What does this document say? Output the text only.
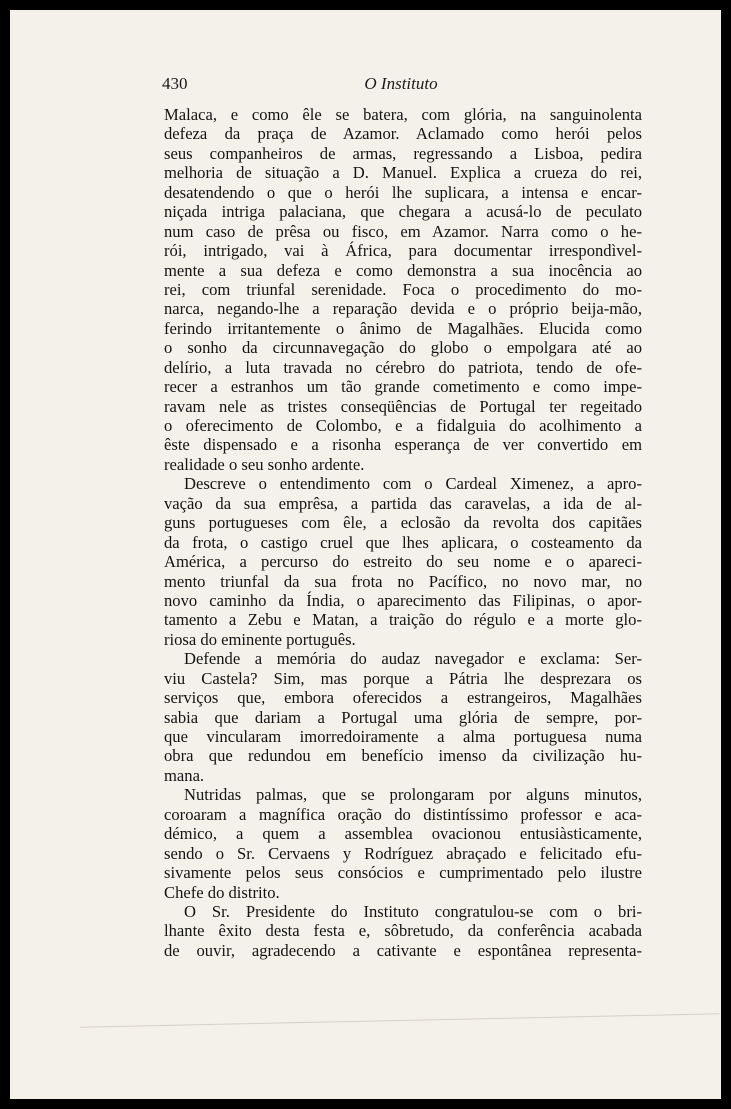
430	O Instituto
Malaca, e como êle se batera, com glória, na sanguinolenta
defeza da praça de Azamor. Aclamado como herói pelos
seus companheiros de armas, regressando a Lisboa, pedira
melhoria de situação a D. Manuel. Explica a crueza do rei,
desatendendo o que o herói lhe suplicara, a intensa e encar-
niçada intriga palaciana, que chegara a acusá-lo de peculato
num caso de prêsa ou fisco, em Azamor. Narra como o he-
rói, intrigado, vai à África, para documentar irrespondìvel-
mente a sua defeza e como demonstra a sua inocência ao
rei, com triunfal serenidade. Foca o procedimento do mo-
narca, negando-lhe a reparação devida e o próprio beija-mão,
ferindo irritantemente o ânimo de Magalhães. Elucida como
o sonho da circunnavegação do globo o empolgara até ao
delírio, a luta travada no cérebro do patriota, tendo de ofe-
recer a estranhos um tão grande cometimento e como impe-
ravam nele as tristes conseqüências de Portugal ter regeitado
o oferecimento de Colombo, e a fidalguia do acolhimento a
êste dispensado e a risonha esperança de ver convertido em
realidade o seu sonho ardente.
Descreve o entendimento com o Cardeal Ximenez, a apro-
vação da sua emprêsa, a partida das caravelas, a ida de al-
guns portugueses com êle, a eclosão da revolta dos capitães
da frota, o castigo cruel que lhes aplicara, o costeamento da
América, a percurso do estreito do seu nome e o apareci-
mento triunfal da sua frota no Pacífico, no novo mar, no
novo caminho da Índia, o aparecimento das Filipinas, o apor-
tamento a Zebu e Matan, a traição do régulo e a morte glo-
riosa do eminente português.
Defende a memória do audaz navegador e exclama: Ser-
viu Castela? Sim, mas porque a Pátria lhe desprezara os
serviços que, embora oferecidos a estrangeiros, Magalhães
sabia que dariam a Portugal uma glória de sempre, por-
que vincularam imorredoiramente a alma portuguesa numa
obra que redundou em benefício imenso da civilização hu-
mana.
Nutridas palmas, que se prolongaram por alguns minutos,
coroaram a magnífica oração do distintíssimo professor e aca-
démico, a quem a assemblea ovacionou entusiàsticamente,
sendo o Sr. Cervaens y Rodríguez abraçado e felicitado efu-
sivamente pelos seus consócios e cumprimentado pelo ilustre
Chefe do distrito.
O Sr. Presidente do Instituto congratulou-se com o bri-
lhante êxito desta festa e, sôbretudo, da conferência acabada
de ouvir, agradecendo a cativante e espontânea representa-
